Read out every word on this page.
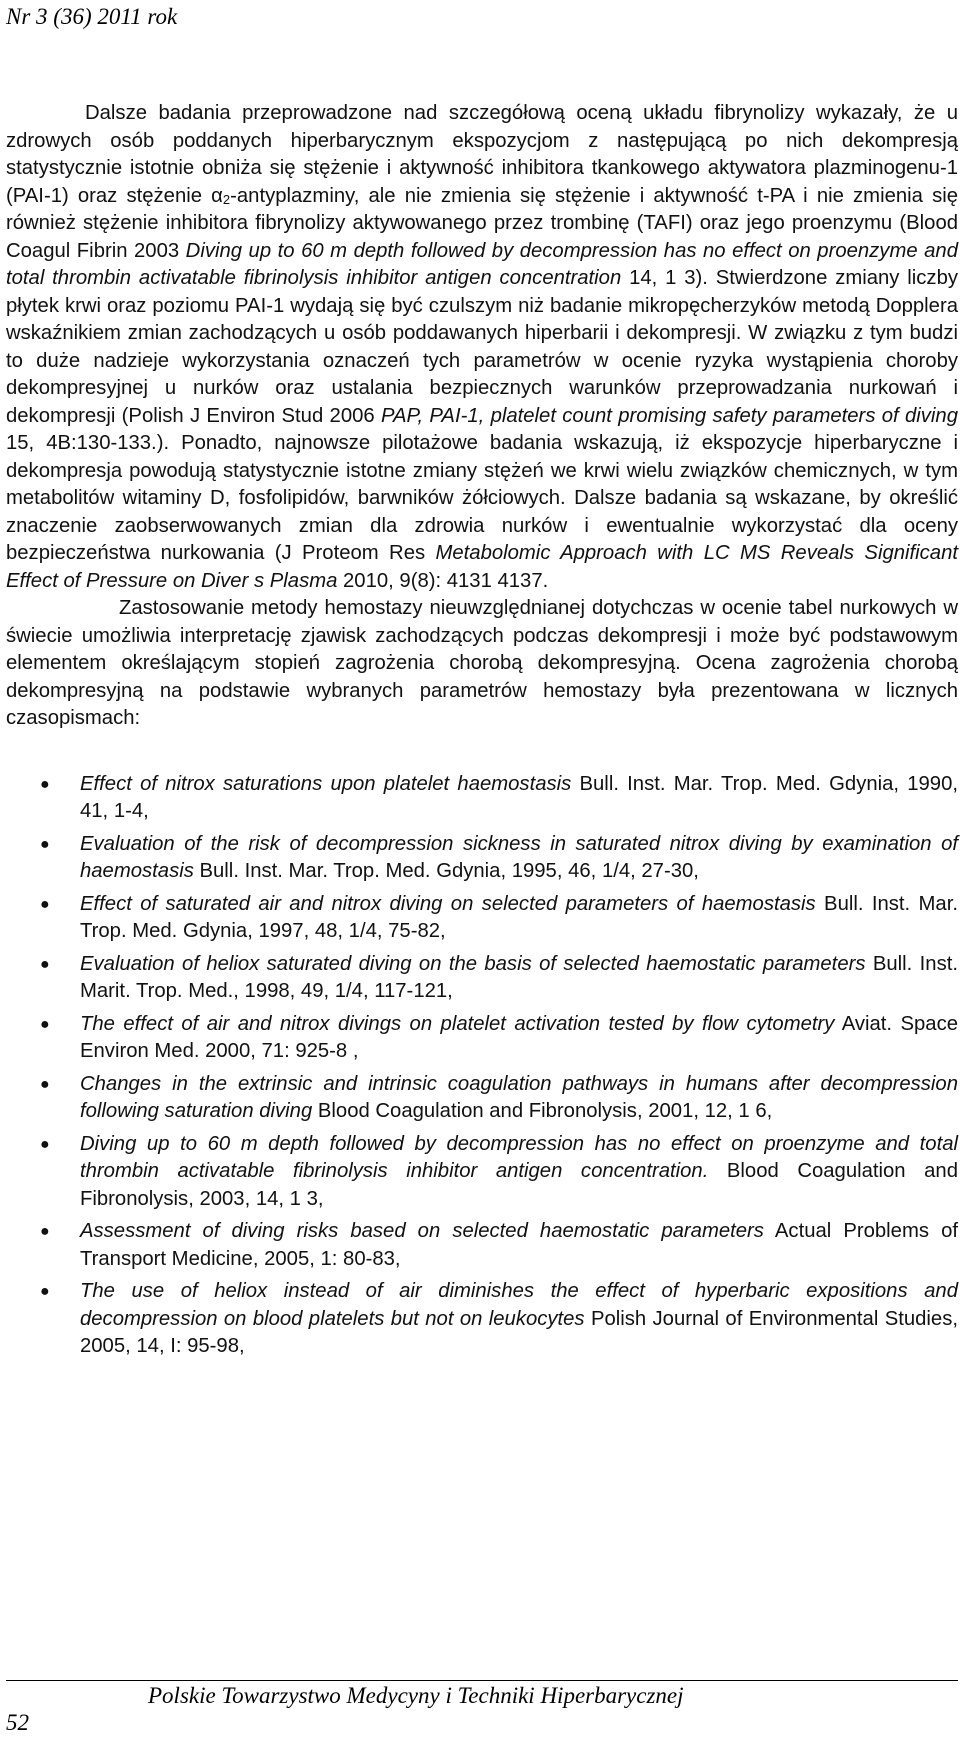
Nr 3 (36) 2011 rok

Dalsze badania przeprowadzone nad szczegółową oceną układu fibrynolizy wykazały, że u zdrowych osób poddanych hiperbarycznym ekspozycjom z następującą po nich dekompresją statystycznie istotnie obniża się stężenie i aktywność inhibitora tkankowego aktywatora plazminogenu-1 (PAI-1) oraz stężenie α2-antyplazminy, ale nie zmienia się stężenie i aktywność t-PA i nie zmienia się również stężenie inhibitora fibrynolizy aktywowanego przez trombinę (TAFI) oraz jego proenzymu (Blood Coagul Fibrin 2003 Diving up to 60 m depth followed by decompression has no effect on proenzyme and total thrombin activatable fibrinolysis inhibitor antigen concentration 14, 1 3). Stwierdzone zmiany liczby płytek krwi oraz poziomu PAI-1 wydają się być czulszym niż badanie mikropęcherzyków metodą Dopplera wskaźnikiem zmian zachodzących u osób poddawanych hiperbarii i dekompresji. W związku z tym budzi to duże nadzieje wykorzystania oznaczeń tych parametrów w ocenie ryzyka wystąpienia choroby dekompresyjnej u nurków oraz ustalania bezpiecznych warunków przeprowadzania nurkowań i dekompresji (Polish J Environ Stud 2006 PAP, PAI-1, platelet count promising safety parameters of diving 15, 4B:130-133.). Ponadto, najnowsze pilotażowe badania wskazują, iż ekspozycje hiperbaryczne i dekompresja powodują statystycznie istotne zmiany stężeń we krwi wielu związków chemicznych, w tym metabolitów witaminy D, fosfolipidów, barwników żółciowych. Dalsze badania są wskazane, by określić znaczenie zaobserwowanych zmian dla zdrowia nurków i ewentualnie wykorzystać dla oceny bezpieczeństwa nurkowania (J Proteom Res Metabolomic Approach with LC MS Reveals Significant Effect of Pressure on Diver s Plasma 2010, 9(8): 4131 4137.

Zastosowanie metody hemostazy nieuwzględnianej dotychczas w ocenie tabel nurkowych w świecie umożliwia interpretację zjawisk zachodzących podczas dekompresji i może być podstawowym elementem określającym stopień zagrożenia chorobą dekompresyjną. Ocena zagrożenia chorobą dekompresyjną na podstawie wybranych parametrów hemostazy była prezentowana w licznych czasopismach:

● Effect of nitrox saturations upon platelet haemostasis Bull. Inst. Mar. Trop. Med. Gdynia, 1990, 41, 1-4,
● Evaluation of the risk of decompression sickness in saturated nitrox diving by examination of haemostasis Bull. Inst. Mar. Trop. Med. Gdynia, 1995, 46, 1/4, 27-30,
● Effect of saturated air and nitrox diving on selected parameters of haemostasis Bull. Inst. Mar. Trop. Med. Gdynia, 1997, 48, 1/4, 75-82,
● Evaluation of heliox saturated diving on the basis of selected haemostatic parameters Bull. Inst. Marit. Trop. Med., 1998, 49, 1/4, 117-121,
● The effect of air and nitrox divings on platelet activation tested by flow cytometry Aviat. Space Environ Med. 2000, 71: 925-8 ,
● Changes in the extrinsic and intrinsic coagulation pathways in humans after decompression following saturation diving Blood Coagulation and Fibronolysis, 2001, 12, 1 6,
● Diving up to 60 m depth followed by decompression has no effect on proenzyme and total thrombin activatable fibrinolysis inhibitor antigen concentration. Blood Coagulation and Fibronolysis, 2003, 14, 1 3,
● Assessment of diving risks based on selected haemostatic parameters Actual Problems of Transport Medicine, 2005, 1: 80-83,
● The use of heliox instead of air diminishes the effect of hyperbaric expositions and decompression on blood platelets but not on leukocytes Polish Journal of Environmental Studies, 2005, 14, I: 95-98,
Polskie Towarzystwo Medycyny i Techniki Hiperbarycznej
52
